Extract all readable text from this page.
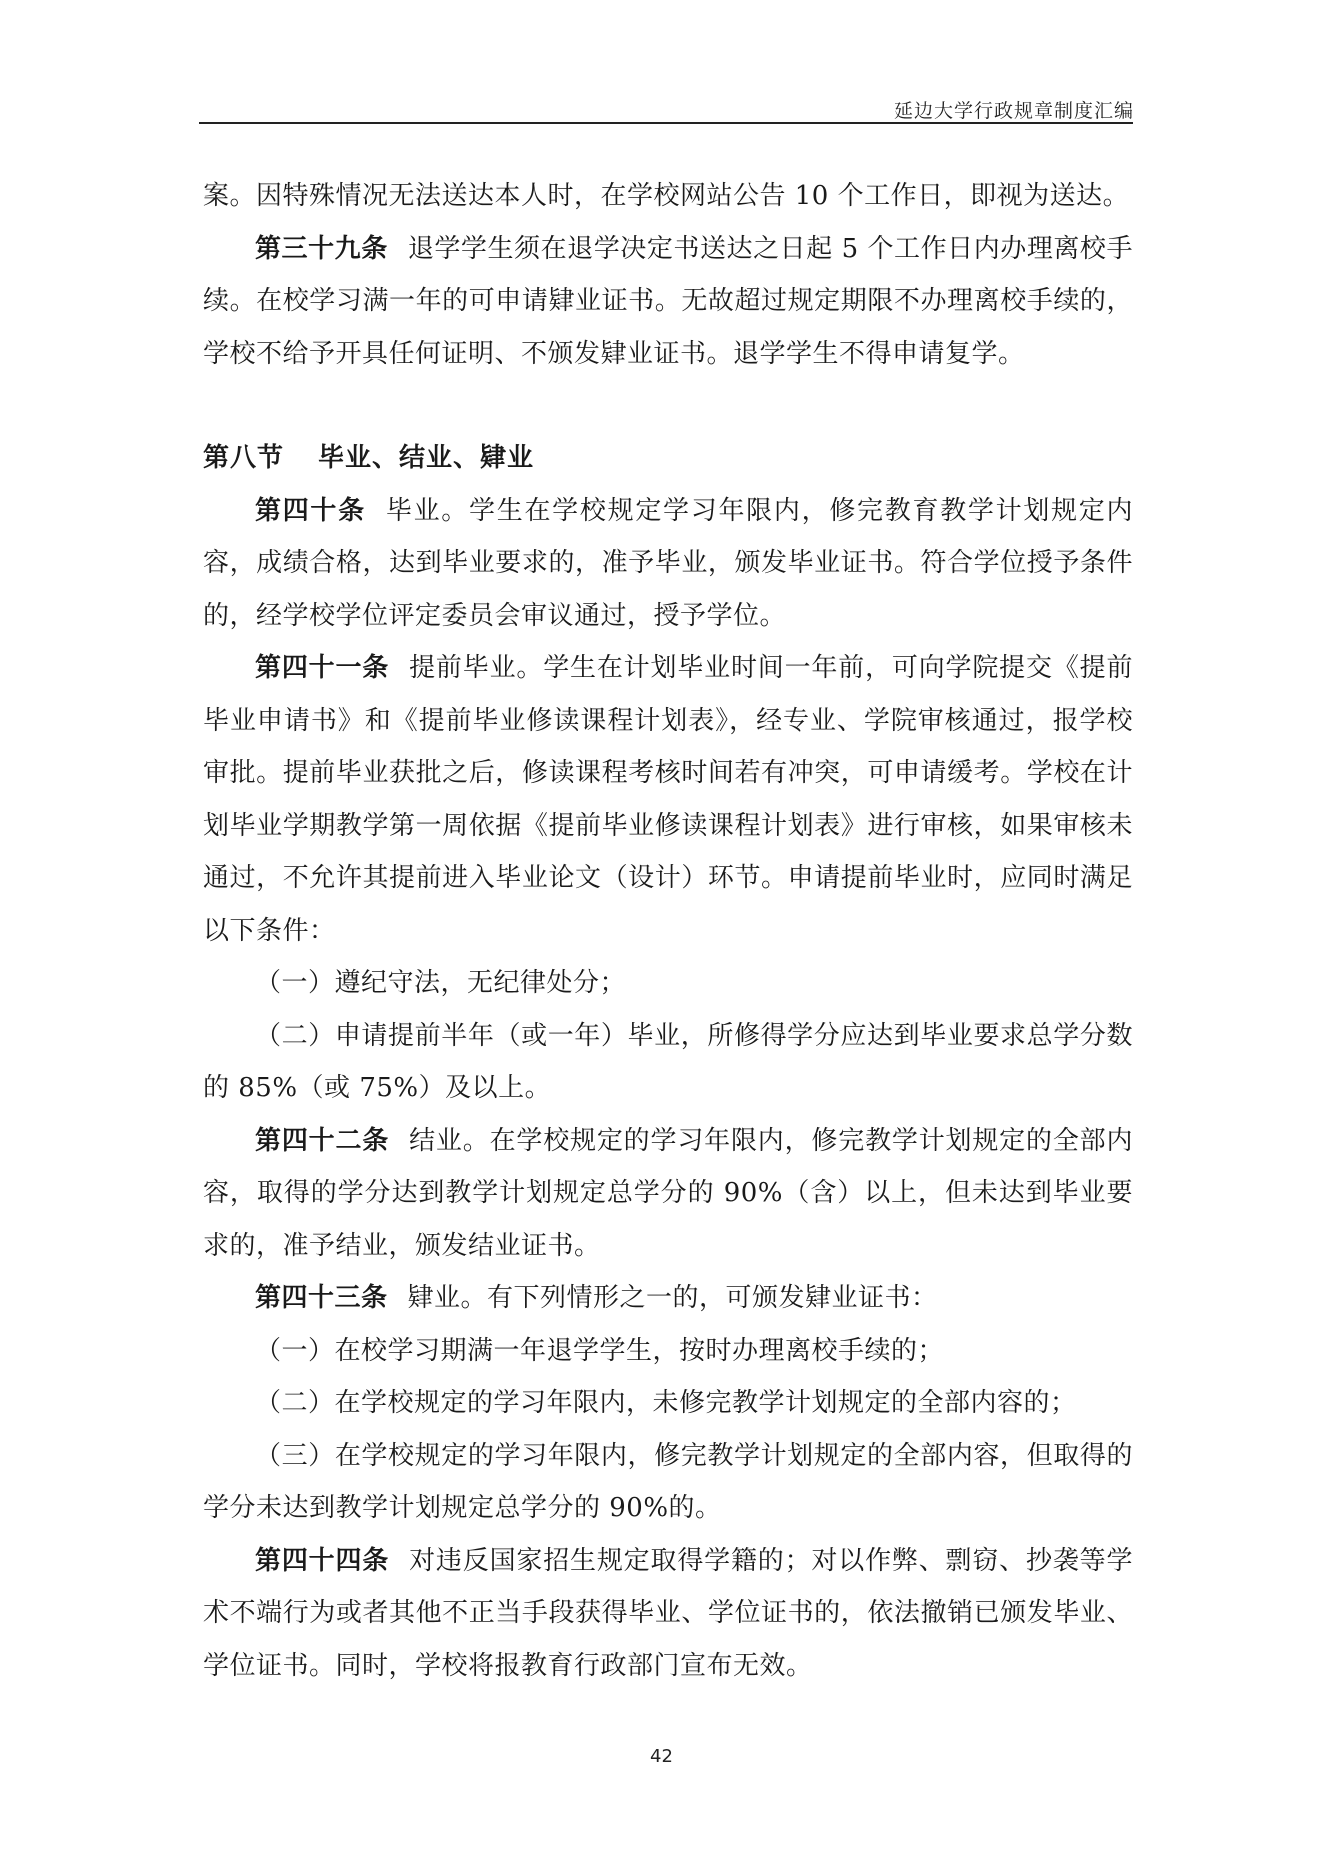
延边大学行政规章制度汇编

案。因特殊情况无法送达本人时，在学校网站公告 10 个工作日，即视为送达。

第三十九条 退学学生须在退学决定书送达之日起 5 个工作日内办理离校手续。在校学习满一年的可申请肄业证书。无故超过规定期限不办理离校手续的，学校不给予开具任何证明、不颁发肄业证书。退学学生不得申请复学。

第八节 毕业、结业、肄业

第四十条 毕业。学生在学校规定学习年限内，修完教育教学计划规定内容，成绩合格，达到毕业要求的，准予毕业，颁发毕业证书。符合学位授予条件的，经学校学位评定委员会审议通过，授予学位。

第四十一条 提前毕业。学生在计划毕业时间一年前，可向学院提交《提前毕业申请书》和《提前毕业修读课程计划表》，经专业、学院审核通过，报学校审批。提前毕业获批之后，修读课程考核时间若有冲突，可申请缓考。学校在计划毕业学期教学第一周依据《提前毕业修读课程计划表》进行审核，如果审核未通过，不允许其提前进入毕业论文（设计）环节。申请提前毕业时，应同时满足以下条件：

（一）遵纪守法，无纪律处分；

（二）申请提前半年（或一年）毕业，所修得学分应达到毕业要求总学分数的 85%（或 75%）及以上。

第四十二条 结业。在学校规定的学习年限内，修完教学计划规定的全部内容，取得的学分达到教学计划规定总学分的 90%（含）以上，但未达到毕业要求的，准予结业，颁发结业证书。

第四十三条 肄业。有下列情形之一的，可颁发肄业证书：

（一）在校学习期满一年退学学生，按时办理离校手续的；

（二）在学校规定的学习年限内，未修完教学计划规定的全部内容的；

（三）在学校规定的学习年限内，修完教学计划规定的全部内容，但取得的学分未达到教学计划规定总学分的 90%的。

第四十四条 对违反国家招生规定取得学籍的；对以作弊、剽窃、抄袭等学术不端行为或者其他不正当手段获得毕业、学位证书的，依法撤销已颁发毕业、学位证书。同时，学校将报教育行政部门宣布无效。

42
